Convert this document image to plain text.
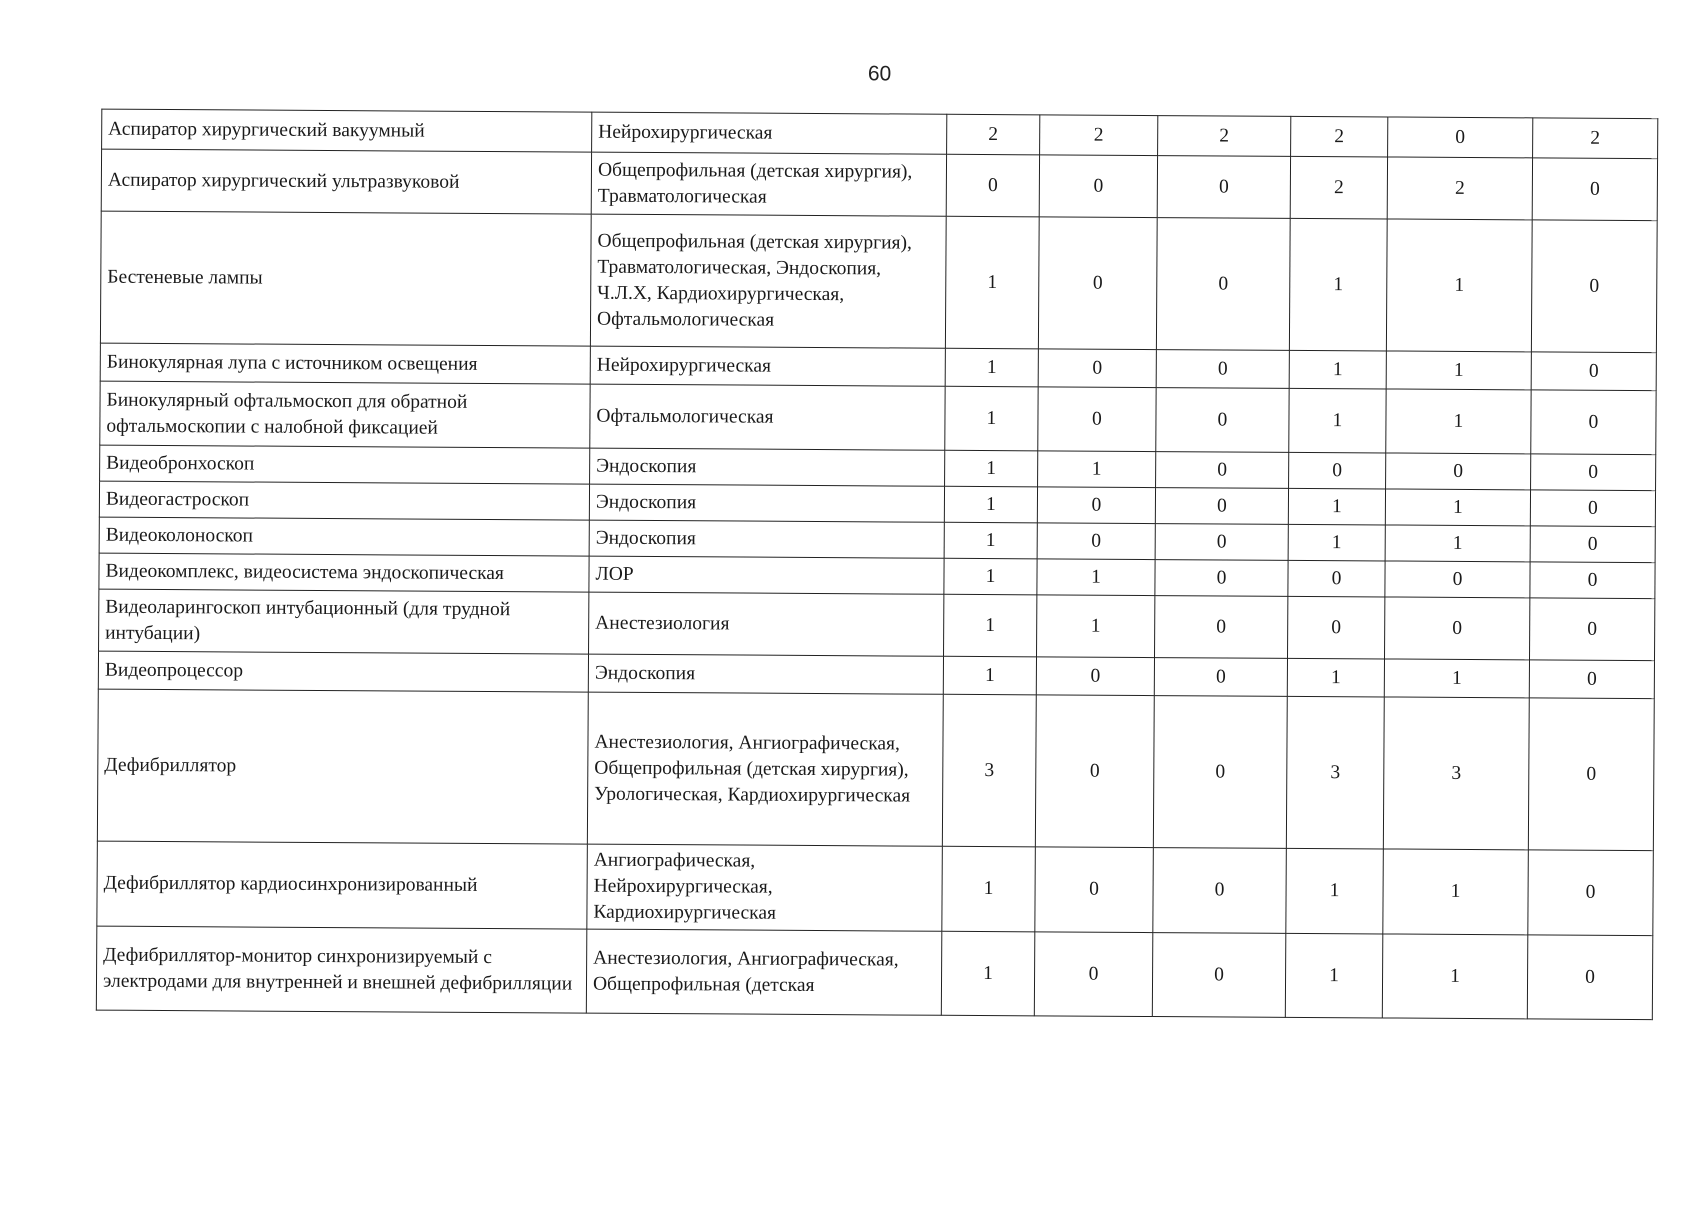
60
Аспиратор хирургический вакуумный	Нейрохирургическая	2	2	2	2	0	2
Аспиратор хирургический ультразвуковой	Общепрофильная (детская хирургия), Травматологическая	0	0	0	2	2	0
Бестеневые лампы	Общепрофильная (детская хирургия), Травматологическая, Эндоскопия, Ч.Л.Х, Кардиохирургическая, Офтальмологическая	1	0	0	1	1	0
Бинокулярная лупа с источником освещения	Нейрохирургическая	1	0	0	1	1	0
Бинокулярный офтальмоскоп для обратной офтальмоскопии с налобной фиксацией	Офтальмологическая	1	0	0	1	1	0
Видеобронхоскоп	Эндоскопия	1	1	0	0	0	0
Видеогастроскоп	Эндоскопия	1	0	0	1	1	0
Видеоколоноскоп	Эндоскопия	1	0	0	1	1	0
Видеокомплекс, видеосистема эндоскопическая	ЛОР	1	1	0	0	0	0
Видеоларингоскоп интубационный (для трудной интубации)	Анестезиология	1	1	0	0	0	0
Видеопроцессор	Эндоскопия	1	0	0	1	1	0
Дефибриллятор	Анестезиология, Ангиографическая, Общепрофильная (детская хирургия), Урологическая, Кардиохирургическая	3	0	0	3	3	0
Дефибриллятор кардиосинхронизированный	Ангиографическая, Нейрохирургическая, Кардиохирургическая	1	0	0	1	1	0
Дефибриллятор-монитор синхронизируемый с электродами для внутренней и внешней дефибрилляции	Анестезиология, Ангиографическая, Общепрофильная (детская	1	0	0	1	1	0
